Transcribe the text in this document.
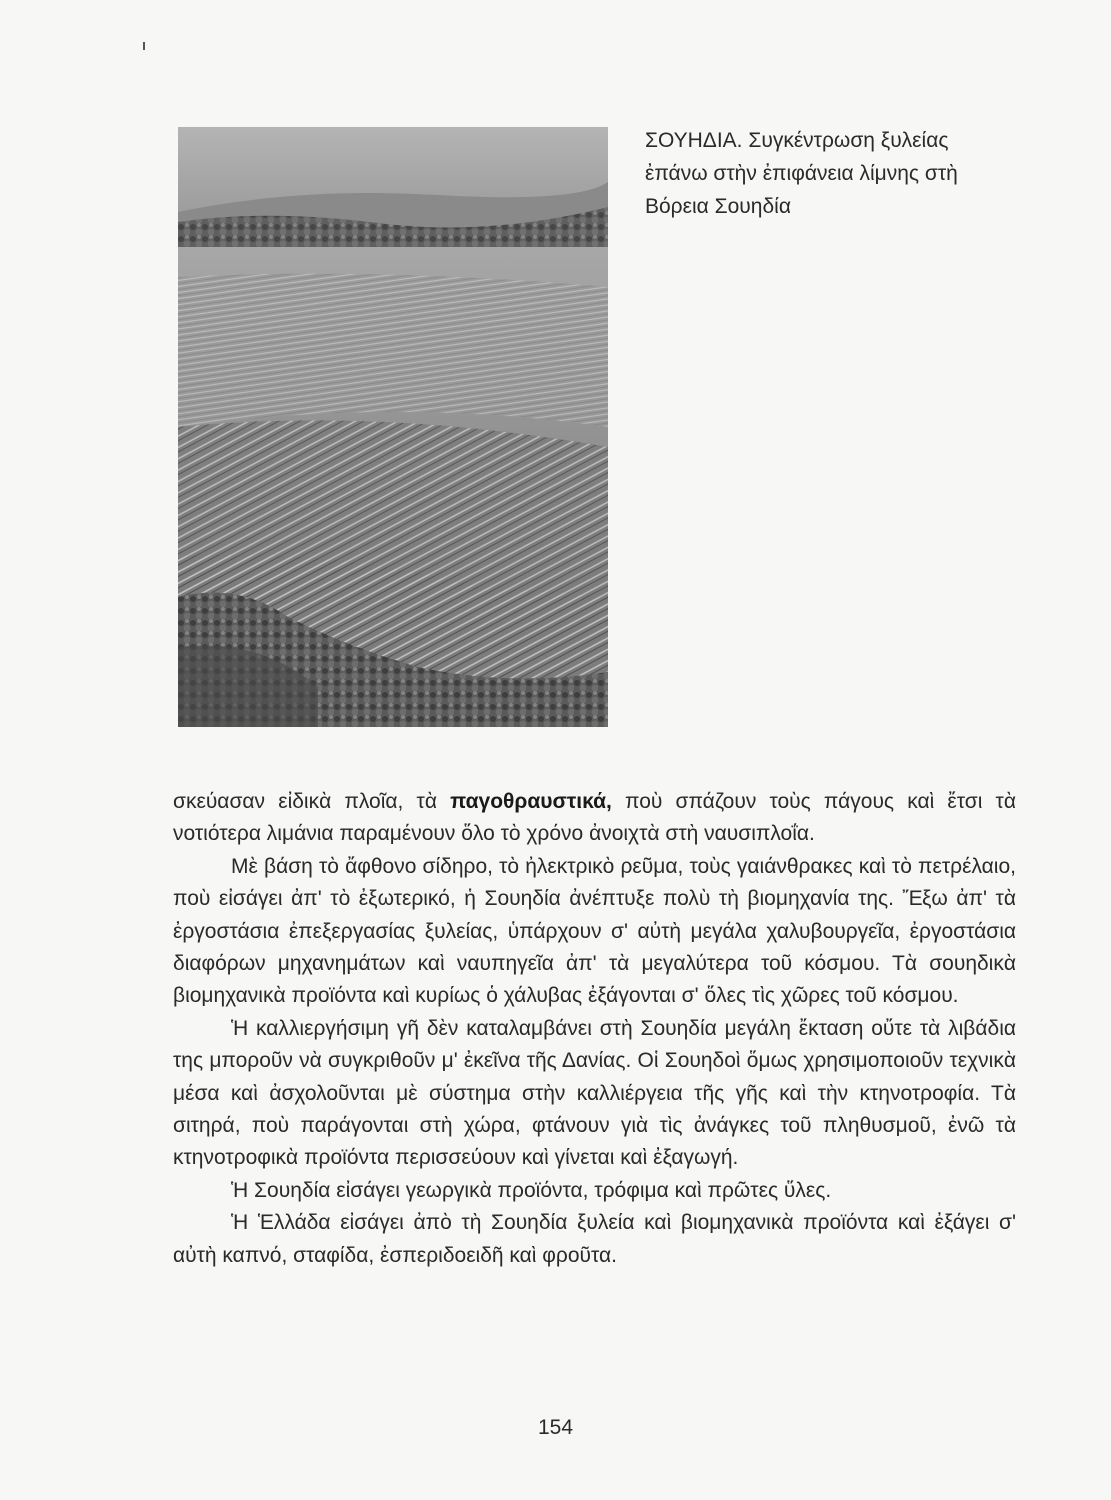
ΣΟΥΗΔΙΑ. Συγκέντρωση ξυλείας
ἐπάνω στὴν ἐπιφάνεια λίμνης στὴ
Βόρεια Σουηδία

σκεύασαν εἰδικὰ πλοῖα, τὰ παγοθραυστικά, ποὺ σπάζουν τοὺς πάγους καὶ ἔτσι τὰ νοτιότερα λιμάνια παραμένουν ὅλο τὸ χρόνο ἀνοιχτὰ στὴ ναυσιπλοΐα.

Μὲ βάση τὸ ἄφθονο σίδηρο, τὸ ἠλεκτρικὸ ρεῦμα, τοὺς γαιάνθρακες καὶ τὸ πετρέλαιο, ποὺ εἰσάγει ἀπ' τὸ ἐξωτερικό, ἡ Σουηδία ἀνέπτυξε πολὺ τὴ βιομηχανία της. Ἔξω ἀπ' τὰ ἐργοστάσια ἐπεξεργασίας ξυλείας, ὑπάρχουν σ' αὐτὴ μεγάλα χαλυβουργεῖα, ἐργοστάσια διαφόρων μηχανημάτων καὶ ναυπηγεῖα ἀπ' τὰ μεγαλύτερα τοῦ κόσμου. Τὰ σουηδικὰ βιομηχανικὰ προϊόντα καὶ κυρίως ὁ χάλυβας ἐξάγονται σ' ὅλες τὶς χῶρες τοῦ κόσμου.

Ἡ καλλιεργήσιμη γῆ δὲν καταλαμβάνει στὴ Σουηδία μεγάλη ἔκταση οὔτε τὰ λιβάδια της μποροῦν νὰ συγκριθοῦν μ' ἐκεῖνα τῆς Δανίας. Οἱ Σουηδοὶ ὅμως χρησιμοποιοῦν τεχνικὰ μέσα καὶ ἀσχολοῦνται μὲ σύστημα στὴν καλλιέργεια τῆς γῆς καὶ τὴν κτηνοτροφία. Τὰ σιτηρά, ποὺ παράγονται στὴ χώρα, φτάνουν γιὰ τὶς ἀνάγκες τοῦ πληθυσμοῦ, ἐνῶ τὰ κτηνοτροφικὰ προϊόντα περισσεύουν καὶ γίνεται καὶ ἐξαγωγή.

Ἡ Σουηδία εἰσάγει γεωργικὰ προϊόντα, τρόφιμα καὶ πρῶτες ὕλες.

Ἡ Ἑλλάδα εἰσάγει ἀπὸ τὴ Σουηδία ξυλεία καὶ βιομηχανικὰ προϊόντα καὶ ἐξάγει σ' αὐτὴ καπνό, σταφίδα, ἐσπεριδοειδῆ καὶ φροῦτα.

154
